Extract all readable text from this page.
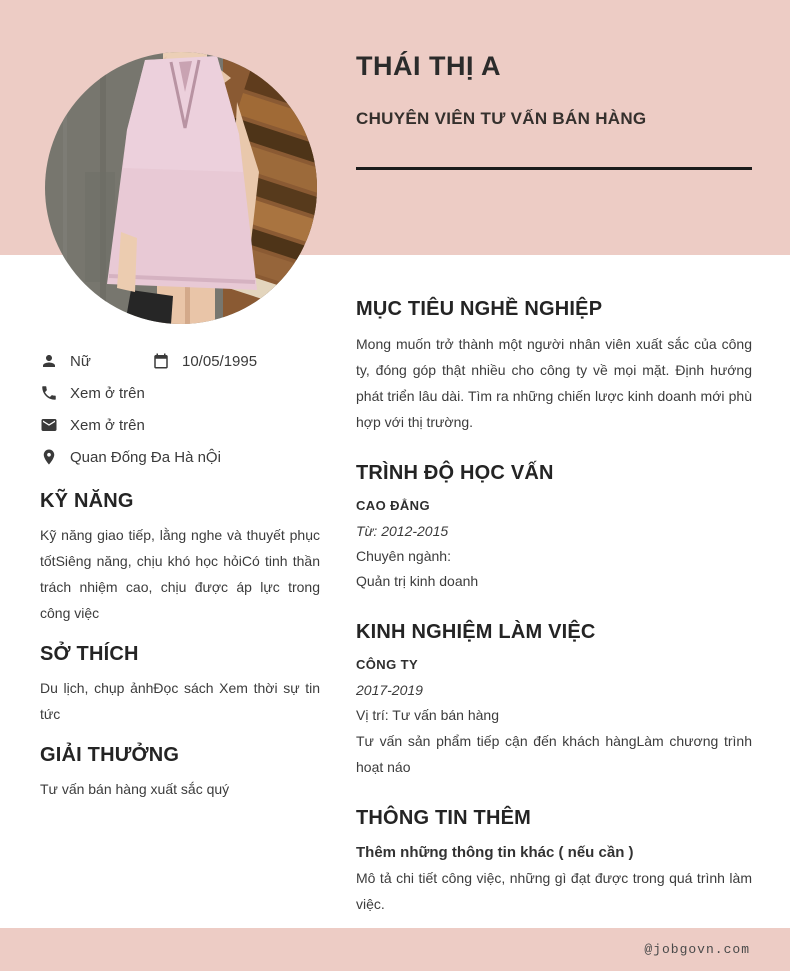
THÁI THỊ A
CHUYÊN VIÊN TƯ VẤN BÁN HÀNG
Nữ	10/05/1995
Xem ở trên
Xem ở trên
Quan Đống Đa Hà nỘi
KỸ NĂNG

Kỹ năng giao tiếp, lằng nghe và thuyết phục tốtSiêng năng, chịu khó học hỏiCó tinh thần trách nhiệm cao, chịu được áp lực trong công việc

SỞ THÍCH

Du lịch, chụp ảnhĐọc sách Xem thời sự tin tức

GIẢI THƯỞNG

Tư vấn bán hàng xuất sắc quý

MỤC TIÊU NGHỀ NGHIỆP

Mong muốn trở thành một người nhân viên xuất sắc của công ty, đóng góp thật nhiều cho công ty về mọi mặt. Định hướng phát triển lâu dài. Tìm ra những chiến lược kinh doanh mới phù hợp với thị trường.

TRÌNH ĐỘ HỌC VẤN
CAO ĐẲNG
Từ: 2012-2015
Chuyên ngành:
Quản trị kinh doanh
KINH NGHIỆM LÀM VIỆC
CÔNG TY
2017-2019
Vị trí: Tư vấn bán hàng

Tư vấn sản phẩm tiếp cận đến khách hàngLàm chương trình hoạt náo

THÔNG TIN THÊM
Thêm những thông tin khác ( nếu cần )

Mô tả chi tiết công việc, những gì đạt được trong quá trình làm việc.

@jobgovn.com
